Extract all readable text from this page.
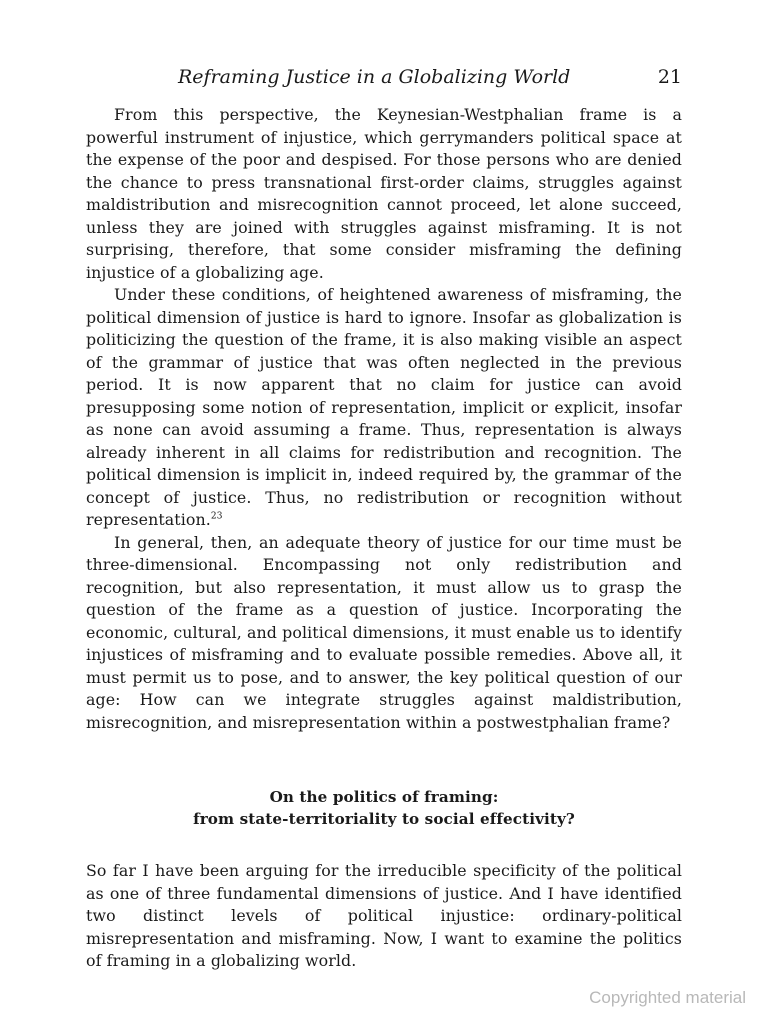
Reframing Justice in a Globalizing World	21

From this perspective, the Keynesian-Westphalian frame is a powerful instrument of injustice, which gerrymanders political space at the expense of the poor and despised. For those persons who are denied the chance to press transnational first-order claims, struggles against maldistribution and misrecognition cannot proceed, let alone succeed, unless they are joined with struggles against misframing. It is not surprising, therefore, that some consider misframing the defining injustice of a globalizing age.

Under these conditions, of heightened awareness of misframing, the political dimension of justice is hard to ignore. Insofar as globalization is politicizing the question of the frame, it is also making visible an aspect of the grammar of justice that was often neglected in the previous period. It is now apparent that no claim for justice can avoid presupposing some notion of representation, implicit or explicit, insofar as none can avoid assuming a frame. Thus, representation is always already inherent in all claims for redistribution and recognition. The political dimension is implicit in, indeed required by, the grammar of the concept of justice. Thus, no redistribution or recognition without representation.$^{23}$

In general, then, an adequate theory of justice for our time must be three-dimensional. Encompassing not only redistribution and recognition, but also representation, it must allow us to grasp the question of the frame as a question of justice. Incorporating the economic, cultural, and political dimensions, it must enable us to identify injustices of misframing and to evaluate possible remedies. Above all, it must permit us to pose, and to answer, the key political question of our age: How can we integrate struggles against maldistribution, misrecognition, and misrepresentation within a postwestphalian frame?

On the politics of framing:
from state-territoriality to social effectivity?

So far I have been arguing for the irreducible specificity of the political as one of three fundamental dimensions of justice. And I have identified two distinct levels of political injustice: ordinary-political misrepresentation and misframing. Now, I want to examine the politics of framing in a globalizing world.

Copyrighted material
